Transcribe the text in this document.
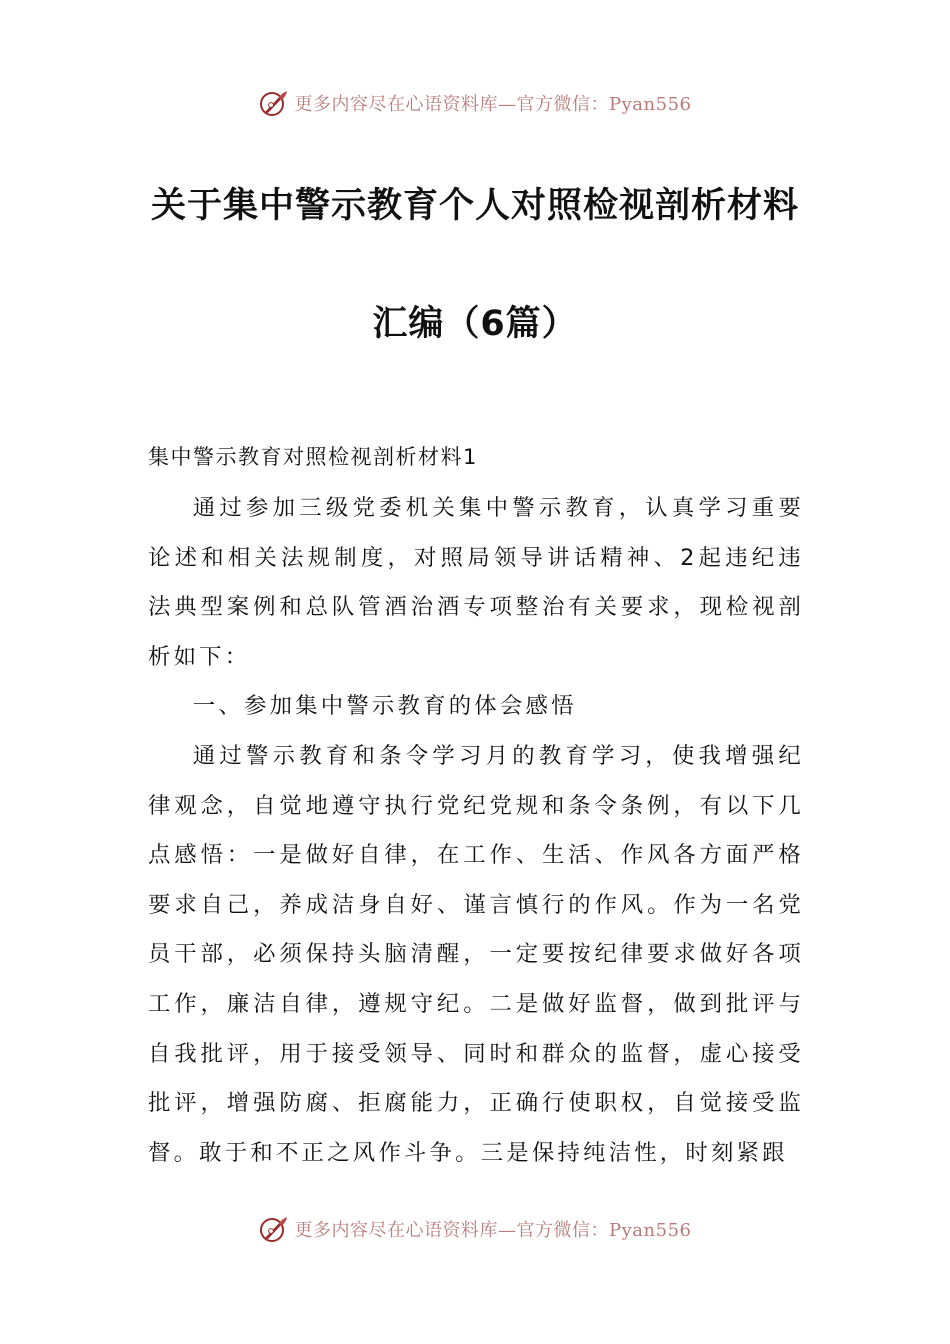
更多内容尽在心语资料库—官方微信：Pyan556
关于集中警示教育个人对照检视剖析材料
汇编（6篇）
集中警示教育对照检视剖析材料1

通过参加三级党委机关集中警示教育，认真学习重要论述和相关法规制度，对照局领导讲话精神、2起违纪违法典型案例和总队管酒治酒专项整治有关要求，现检视剖析如下：

一、参加集中警示教育的体会感悟

通过警示教育和条令学习月的教育学习，使我增强纪律观念，自觉地遵守执行党纪党规和条令条例，有以下几点感悟：一是做好自律，在工作、生活、作风各方面严格要求自己，养成洁身自好、谨言慎行的作风。作为一名党员干部，必须保持头脑清醒，一定要按纪律要求做好各项工作，廉洁自律，遵规守纪。二是做好监督，做到批评与自我批评，用于接受领导、同时和群众的监督，虚心接受批评，增强防腐、拒腐能力，正确行使职权，自觉接受监督。敢于和不正之风作斗争。三是保持纯洁性，时刻紧跟

更多内容尽在心语资料库—官方微信：Pyan556
